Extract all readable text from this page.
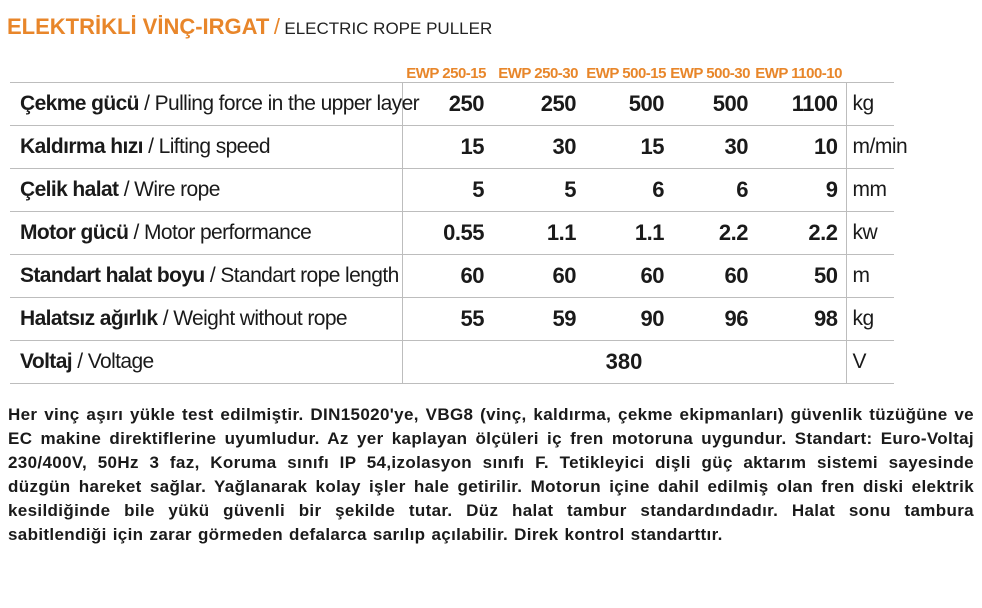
ELEKTRİKLİ VİNÇ-IRGAT / ELECTRIC ROPE PULLER
	EWP 250-15	EWP 250-30	EWP 500-15	EWP 500-30	EWP 1100-10	
Çekme gücü / Pulling force in the upper layer	250	250	500	500	1100	kg
Kaldırma hızı / Lifting speed	15	30	15	30	10	m/min
Çelik halat / Wire rope	5	5	6	6	9	mm
Motor gücü / Motor performance	0.55	1.1	1.1	2.2	2.2	kw
Standart halat boyu / Standart rope length	60	60	60	60	50	m
Halatsız ağırlık / Weight without rope	55	59	90	96	98	kg
Voltaj / Voltage	380					V

Her vinç aşırı yükle test edilmiştir. DIN15020'ye, VBG8 (vinç, kaldırma, çekme ekipmanları) güvenlik tüzüğüne ve EC makine direktiflerine uyumludur. Az yer kaplayan ölçüleri iç fren motoruna uygundur. Standart: Euro-Voltaj 230/400V, 50Hz 3 faz, Koruma sınıfı IP 54,izolasyon sınıfı F. Tetikleyici dişli güç aktarım sistemi sayesinde düzgün hareket sağlar. Yağlanarak kolay işler hale getirilir. Motorun içine dahil edilmiş olan fren diski elektrik kesildiğinde bile yükü güvenli bir şekilde tutar. Düz halat tambur standardındadır. Halat sonu tambura sabitlendiği için zarar görmeden defalarca sarılıp açılabilir. Direk kontrol standarttır.
